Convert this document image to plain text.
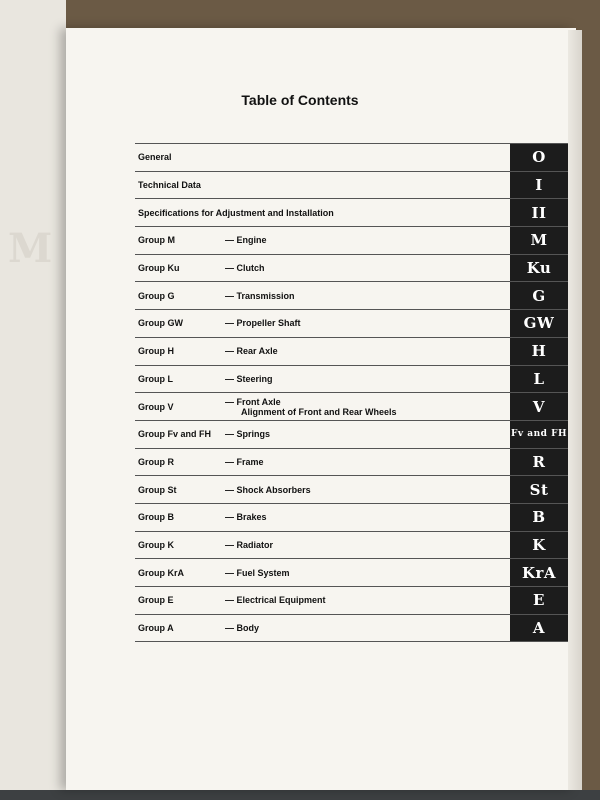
M
Table of Contents
General	O
Technical Data	I
Specifications for Adjustment and Installation	II
Group M	— Engine	M
Group Ku	— Clutch	Ku
Group G	— Transmission	G
Group GW	— Propeller Shaft	GW
Group H	— Rear Axle	H
Group L	— Steering	L
Group V	— Front Axle
Alignment of Front and Rear Wheels	V
Group Fv and FH — Springs	Fv and FH
Group R	— Frame	R
Group St	— Shock Absorbers	St
Group B	— Brakes	B
Group K	— Radiator	K
Group KrA	— Fuel System	KrA
Group E	— Electrical Equipment	E
Group A	— Body	A
